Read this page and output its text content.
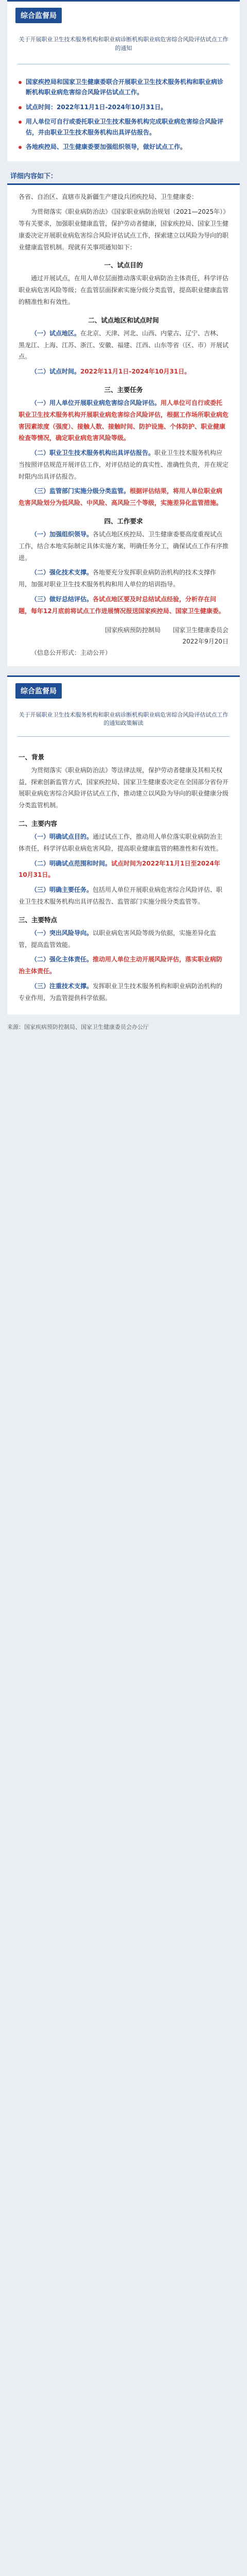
综合监督局
关于开展职业卫生技术服务机构和职业病诊断机构职业病危害综合风险评估试点工作的通知
国家疾控局和国家卫生健康委联合开展职业卫生技术服务机构和职业病诊断机构职业病危害综合风险评估试点工作。
试点时间：2022年11月1日-2024年10月31日。
用人单位可自行或委托职业卫生技术服务机构完成职业病危害综合风险评估，并由职业卫生技术服务机构出具评估报告。
各地疾控局、卫生健康委要加强组织领导，做好试点工作。
详细内容如下：
各省、自治区、直辖市及新疆生产建设兵团疾控局、卫生健康委：
为贯彻落实《职业病防治法》《国家职业病防治规划（2021—2025年）》等有关要求，加强职业健康监管，保护劳动者健康，国家疾控局、国家卫生健康委决定开展职业病危害综合风险评估试点工作，探索建立以风险为导向的职业健康监管机制。现就有关事项通知如下：
一、试点目的
通过开展试点，在用人单位层面推动落实职业病防治主体责任，科学评估职业病危害风险等级；在监管层面探索实施分级分类监管，提高职业健康监管的精准性和有效性。
二、试点地区和试点时间
（一）试点地区。在北京、天津、河北、山西、内蒙古、辽宁、吉林、黑龙江、上海、江苏、浙江、安徽、福建、江西、山东等省（区、市）开展试点。
（二）试点时间。2022年11月1日-2024年10月31日。
三、主要任务
（一）用人单位开展职业病危害综合风险评估。用人单位可自行或委托职业卫生技术服务机构开展职业病危害综合风险评估，根据工作场所职业病危害因素浓度（强度）、接触人数、接触时间、防护设施、个体防护、职业健康检查等情况，确定职业病危害风险等级。
（二）职业卫生技术服务机构出具评估报告。职业卫生技术服务机构应当按照评估规范开展评估工作，对评估结论的真实性、准确性负责，并在规定时限内出具评估报告。
（三）监管部门实施分级分类监管。根据评估结果，将用人单位职业病危害风险划分为低风险、中风险、高风险三个等级，实施差异化监管措施。
四、工作要求
（一）加强组织领导。各试点地区疾控局、卫生健康委要高度重视试点工作，结合本地实际制定具体实施方案，明确任务分工，确保试点工作有序推进。
（二）强化技术支撑。各地要充分发挥职业病防治机构的技术支撑作用，加强对职业卫生技术服务机构和用人单位的培训指导。
（三）做好总结评估。各试点地区要及时总结试点经验，分析存在问题，每年12月底前将试点工作进展情况报送国家疾控局、国家卫生健康委。
国家疾病预防控制局　　国家卫生健康委员会
2022年9月20日
（信息公开形式：主动公开）
综合监督局
关于开展职业卫生技术服务机构和职业病诊断机构职业病危害综合风险评估试点工作的通知政策解读
一、背景
为贯彻落实《职业病防治法》等法律法规，保护劳动者健康及其相关权益，探索创新监管方式，国家疾控局、国家卫生健康委决定在全国部分省份开展职业病危害综合风险评估试点工作，推动建立以风险为导向的职业健康分级分类监管机制。
二、主要内容
（一）明确试点目的。通过试点工作，推动用人单位落实职业病防治主体责任，科学评估职业病危害风险，提高职业健康监管的精准性和有效性。
（二）明确试点范围和时间。试点时间为2022年11月1日至2024年10月31日。
（三）明确主要任务。包括用人单位开展职业病危害综合风险评估、职业卫生技术服务机构出具评估报告、监管部门实施分级分类监管等。
三、主要特点
（一）突出风险导向。以职业病危害风险等级为依据，实施差异化监管，提高监管效能。
（二）强化主体责任。推动用人单位主动开展风险评估，落实职业病防治主体责任。
（三）注重技术支撑。发挥职业卫生技术服务机构和职业病防治机构的专业作用，为监管提供科学依据。
来源：国家疾病预防控制局、国家卫生健康委员会办公厅
